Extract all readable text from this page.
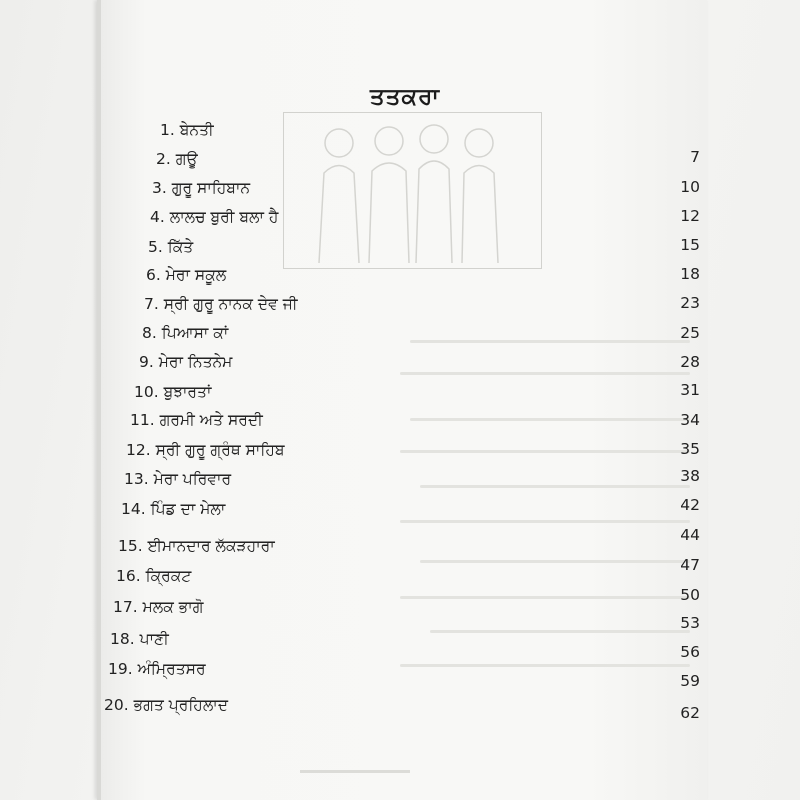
ਤਤਕਰਾ
1. ਬੇਨਤੀ
7
2. ਗਊ
10
3. ਗੁਰੂ ਸਾਹਿਬਾਨ
12
4. ਲਾਲਚ ਬੁਰੀ ਬਲਾ ਹੈ
15
5. ਕਿੱਤੇ
18
6. ਮੇਰਾ ਸਕੂਲ
23
7. ਸ੍ਰੀ ਗੁਰੂ ਨਾਨਕ ਦੇਵ ਜੀ
25
8. ਪਿਆਸਾ ਕਾਂ
28
9. ਮੇਰਾ ਨਿਤਨੇਮ
31
10. ਬੁਝਾਰਤਾਂ
34
11. ਗਰਮੀ ਅਤੇ ਸਰਦੀ
35
12. ਸ੍ਰੀ ਗੁਰੂ ਗ੍ਰੰਥ ਸਾਹਿਬ
38
13. ਮੇਰਾ ਪਰਿਵਾਰ
42
14. ਪਿੰਡ ਦਾ ਮੇਲਾ
44
15. ਈਮਾਨਦਾਰ ਲੱਕੜਹਾਰਾ
47
16. ਕ੍ਰਿਕਟ
50
17. ਮਲਕ ਭਾਗੋ
53
18. ਪਾਣੀ
56
19. ਅੰਮ੍ਰਿਤਸਰ
59
20. ਭਗਤ ਪ੍ਰਹਿਲਾਦ	62
